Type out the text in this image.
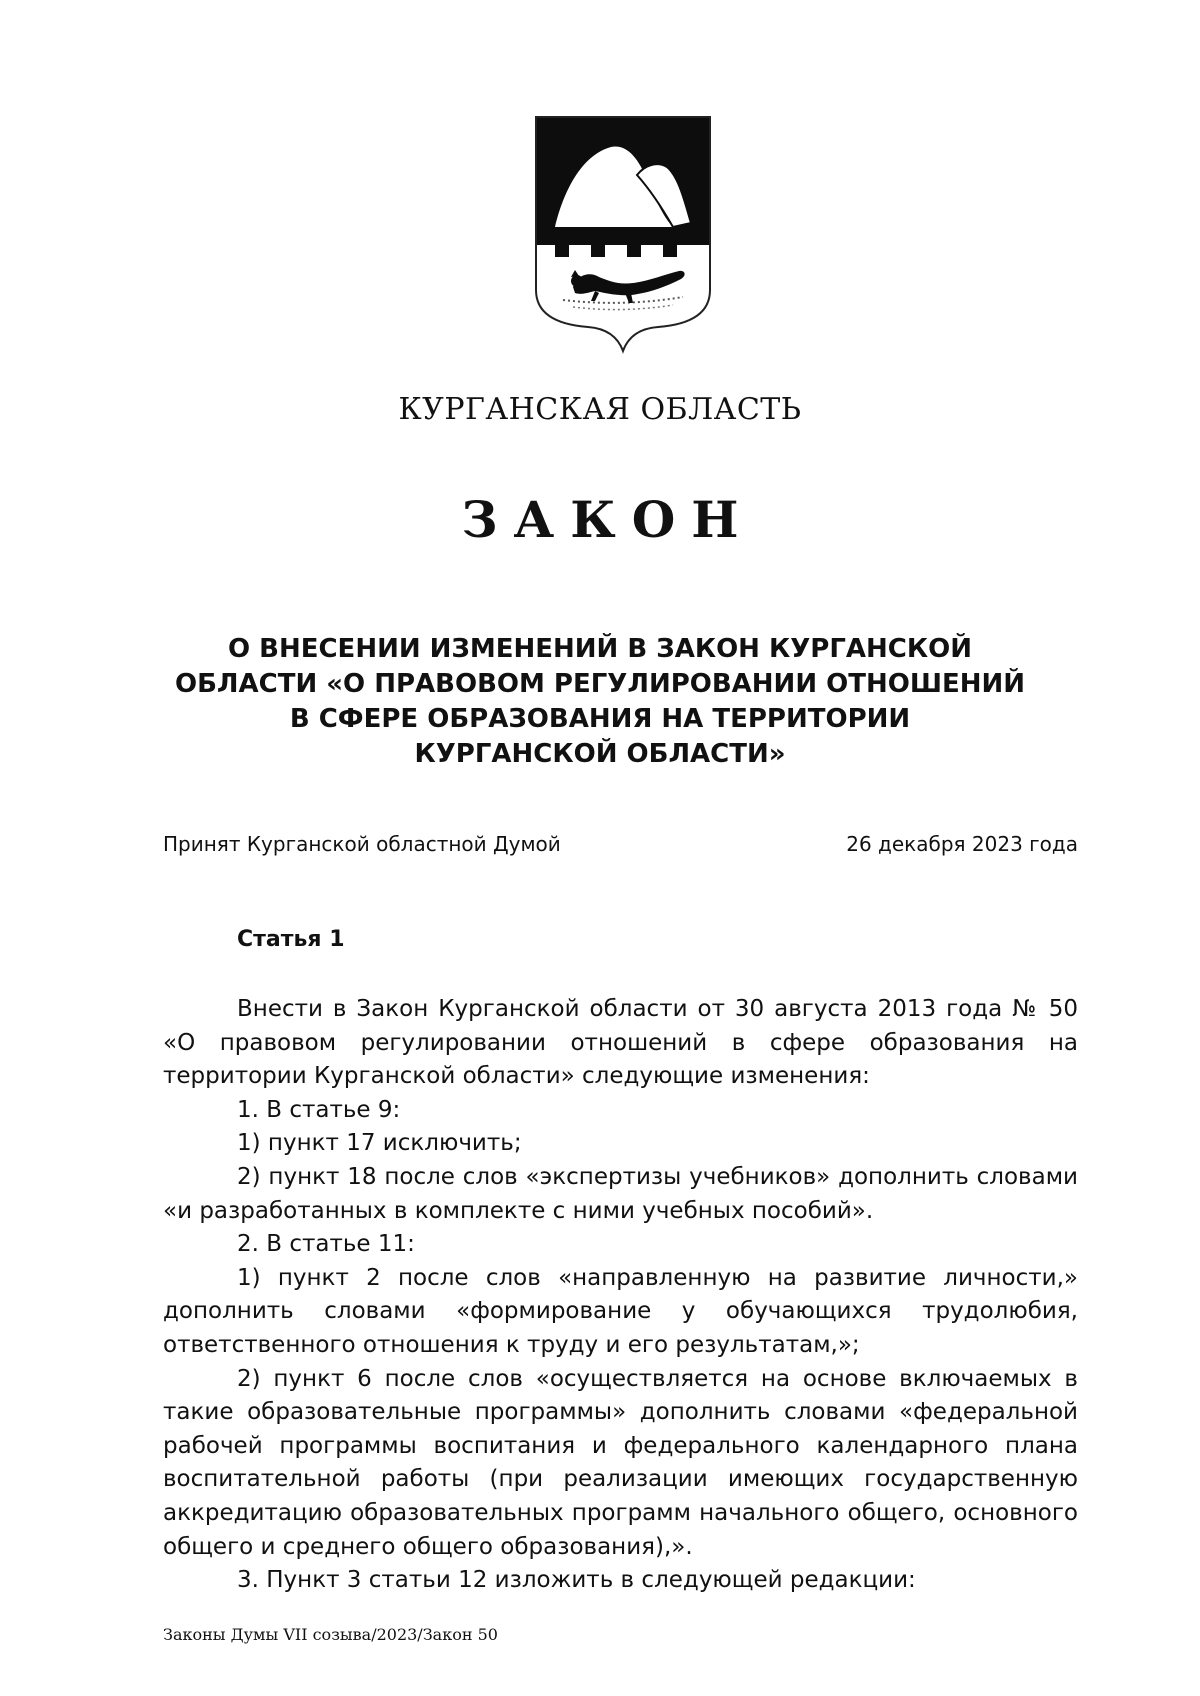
КУРГАНСКАЯ ОБЛАСТЬ
ЗАКОН
О ВНЕСЕНИИ ИЗМЕНЕНИЙ В ЗАКОН КУРГАНСКОЙ
ОБЛАСТИ «О ПРАВОВОМ РЕГУЛИРОВАНИИ ОТНОШЕНИЙ
В СФЕРЕ ОБРАЗОВАНИЯ НА ТЕРРИТОРИИ
КУРГАНСКОЙ ОБЛАСТИ»
Принят Курганской областной Думой	26 декабря 2023 года
Статья 1

Внести в Закон Курганской области от 30 августа 2013 года № 50 «О правовом регулировании отношений в сфере образования на территории Курганской области» следующие изменения:

1. В статье 9:

1) пункт 17 исключить;

2) пункт 18 после слов «экспертизы учебников» дополнить словами «и разработанных в комплекте с ними учебных пособий».

2. В статье 11:

1) пункт 2 после слов «направленную на развитие личности,» дополнить словами «формирование у обучающихся трудолюбия, ответственного отношения к труду и его результатам,»;

2) пункт 6 после слов «осуществляется на основе включаемых в такие образовательные программы» дополнить словами «федеральной рабочей программы воспитания и федерального календарного плана воспитательной работы (при реализации имеющих государственную аккредитацию образовательных программ начального общего, основного общего и среднего общего образования),».

3. Пункт 3 статьи 12 изложить в следующей редакции:

Законы Думы VII созыва/2023/Закон 50
